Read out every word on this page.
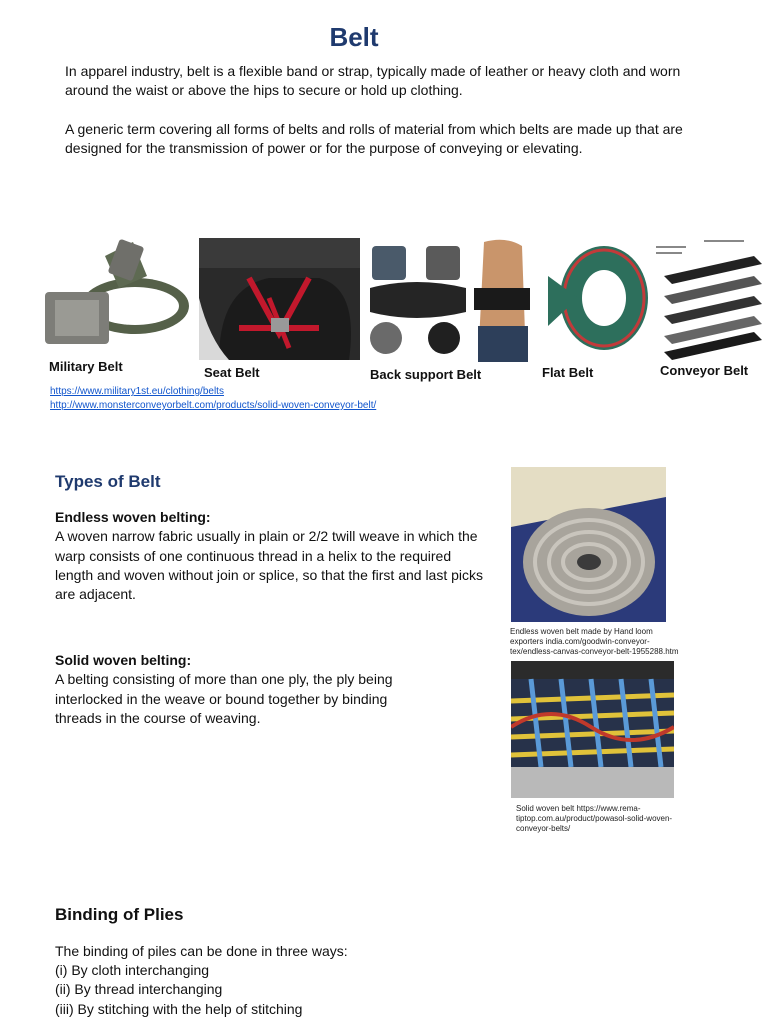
Belt
In apparel industry, belt is a flexible band or strap, typically made of leather or heavy cloth and worn around the waist or above the hips to secure or hold up clothing.
A generic term covering all forms of belts and rolls of material from which belts are made up that are designed for the transmission of power or for the purpose of conveying or elevating.
Military Belt	Seat Belt	Back support Belt	Flat Belt	Conveyor Belt
https://www.military1st.eu/clothing/belts
http://www.monsterconveyorbelt.com/products/solid-woven-conveyor-belt/
Types of Belt
Endless woven belting:
A woven narrow fabric usually in plain or 2/2 twill weave in which the warp consists of one continuous thread in a helix to the required length and woven without join or splice, so that the first and last picks are adjacent.
Solid woven belting:
A belting consisting of more than one ply, the ply being interlocked in the weave or bound together by binding threads in the course of weaving.
Endless woven belt made by Hand loom exporters india.com/goodwin-conveyor-tex/endless-canvas-conveyor-belt-1955288.htm
Solid woven belt https://www.rema-tiptop.com.au/product/powasol-solid-woven-conveyor-belts/
Binding of Plies
The binding of piles can be done in three ways:
(i) By cloth interchanging
(ii) By thread interchanging
(iii) By stitching with the help of stitching
